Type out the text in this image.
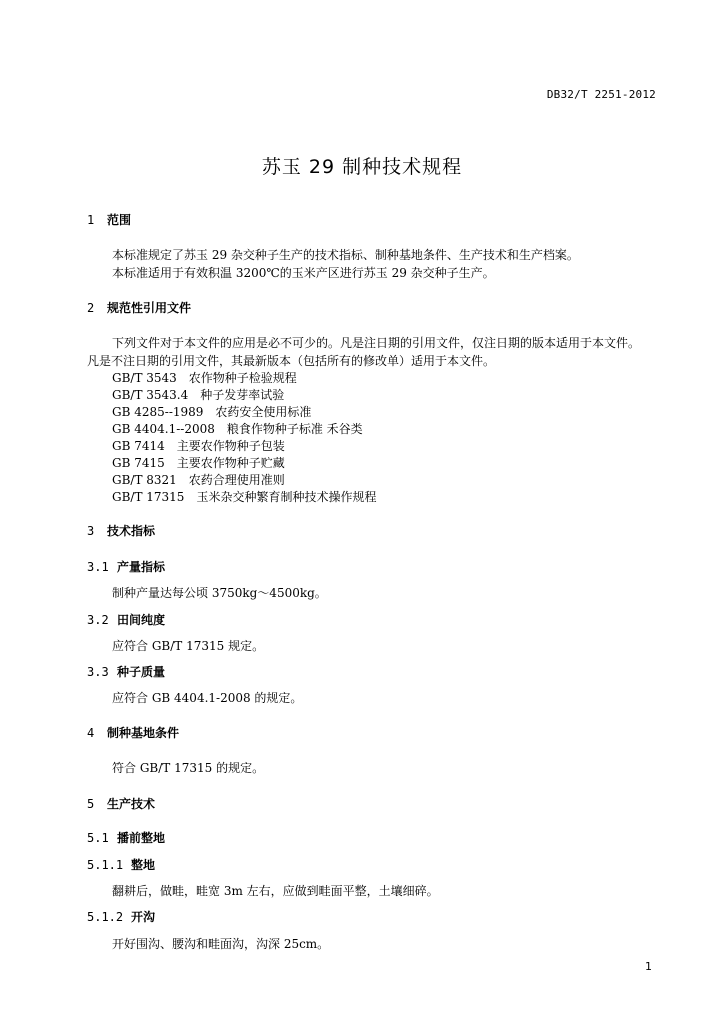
DB32/T 2251-2012
苏玉 29 制种技术规程
1 范围
本标准规定了苏玉 29 杂交种子生产的技术指标、制种基地条件、生产技术和生产档案。
本标准适用于有效积温 3200℃的玉米产区进行苏玉 29 杂交种子生产。
2 规范性引用文件
下列文件对于本文件的应用是必不可少的。凡是注日期的引用文件，仅注日期的版本适用于本文件。
凡是不注日期的引用文件，其最新版本（包括所有的修改单）适用于本文件。
GB/T 3543　农作物种子检验规程
GB/T 3543.4　种子发芽率试验
GB 4285--1989　农药安全使用标准
GB 4404.1--2008　粮食作物种子标准 禾谷类
GB 7414　主要农作物种子包装
GB 7415　主要农作物种子贮藏
GB/T 8321　农药合理使用准则
GB/T 17315　玉米杂交种繁育制种技术操作规程
3 技术指标
3.1 产量指标
制种产量达每公顷 3750kg～4500kg。
3.2 田间纯度
应符合 GB/T 17315 规定。
3.3 种子质量
应符合 GB 4404.1-2008 的规定。
4 制种基地条件
符合 GB/T 17315 的规定。
5 生产技术
5.1 播前整地
5.1.1 整地
翻耕后，做畦，畦宽 3m 左右，应做到畦面平整，土壤细碎。
5.1.2 开沟
开好围沟、腰沟和畦面沟，沟深 25cm。
1
